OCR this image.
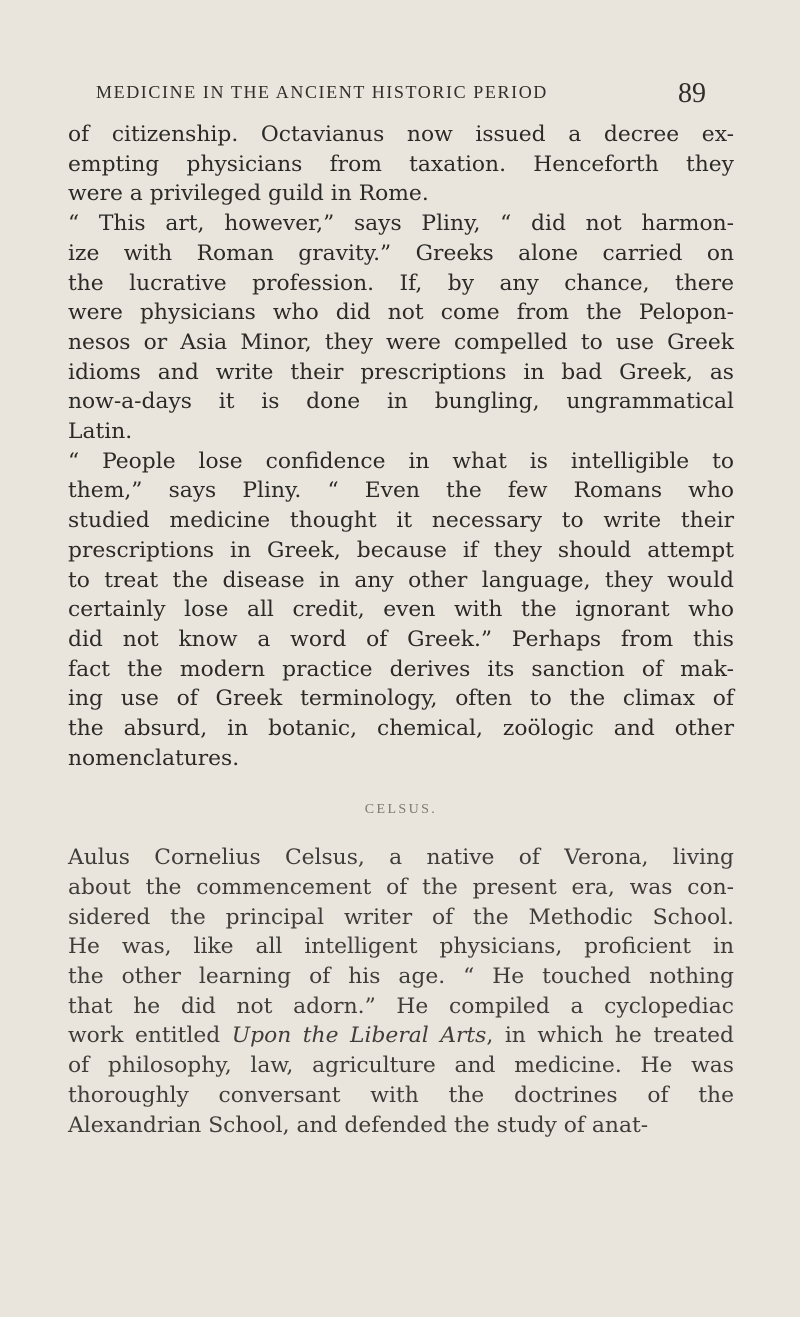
MEDICINE IN THE ANCIENT HISTORIC PERIOD	89

of citizenship. Octavianus now issued a decree ex-
empting physicians from taxation. Henceforth they
were a privileged guild in Rome.

“ This art, however,” says Pliny, “ did not harmon-
ize with Roman gravity.” Greeks alone carried on
the lucrative profession. If, by any chance, there
were physicians who did not come from the Pelopon-
nesos or Asia Minor, they were compelled to use Greek
idioms and write their prescriptions in bad Greek, as
now-a-days it is done in bungling, ungrammatical
Latin.

“ People lose confidence in what is intelligible to
them,” says Pliny. “ Even the few Romans who
studied medicine thought it necessary to write their
prescriptions in Greek, because if they should attempt
to treat the disease in any other language, they would
certainly lose all credit, even with the ignorant who
did not know a word of Greek.” Perhaps from this
fact the modern practice derives its sanction of mak-
ing use of Greek terminology, often to the climax of
the absurd, in botanic, chemical, zoölogic and other
nomenclatures.

CELSUS.

Aulus Cornelius Celsus, a native of Verona, living
about the commencement of the present era, was con-
sidered the principal writer of the Methodic School.
He was, like all intelligent physicians, proficient in
the other learning of his age. “ He touched nothing
that he did not adorn.” He compiled a cyclopediac
work entitled Upon the Liberal Arts, in which he treated
of philosophy, law, agriculture and medicine. He was
thoroughly conversant with the doctrines of the
Alexandrian School, and defended the study of anat-
